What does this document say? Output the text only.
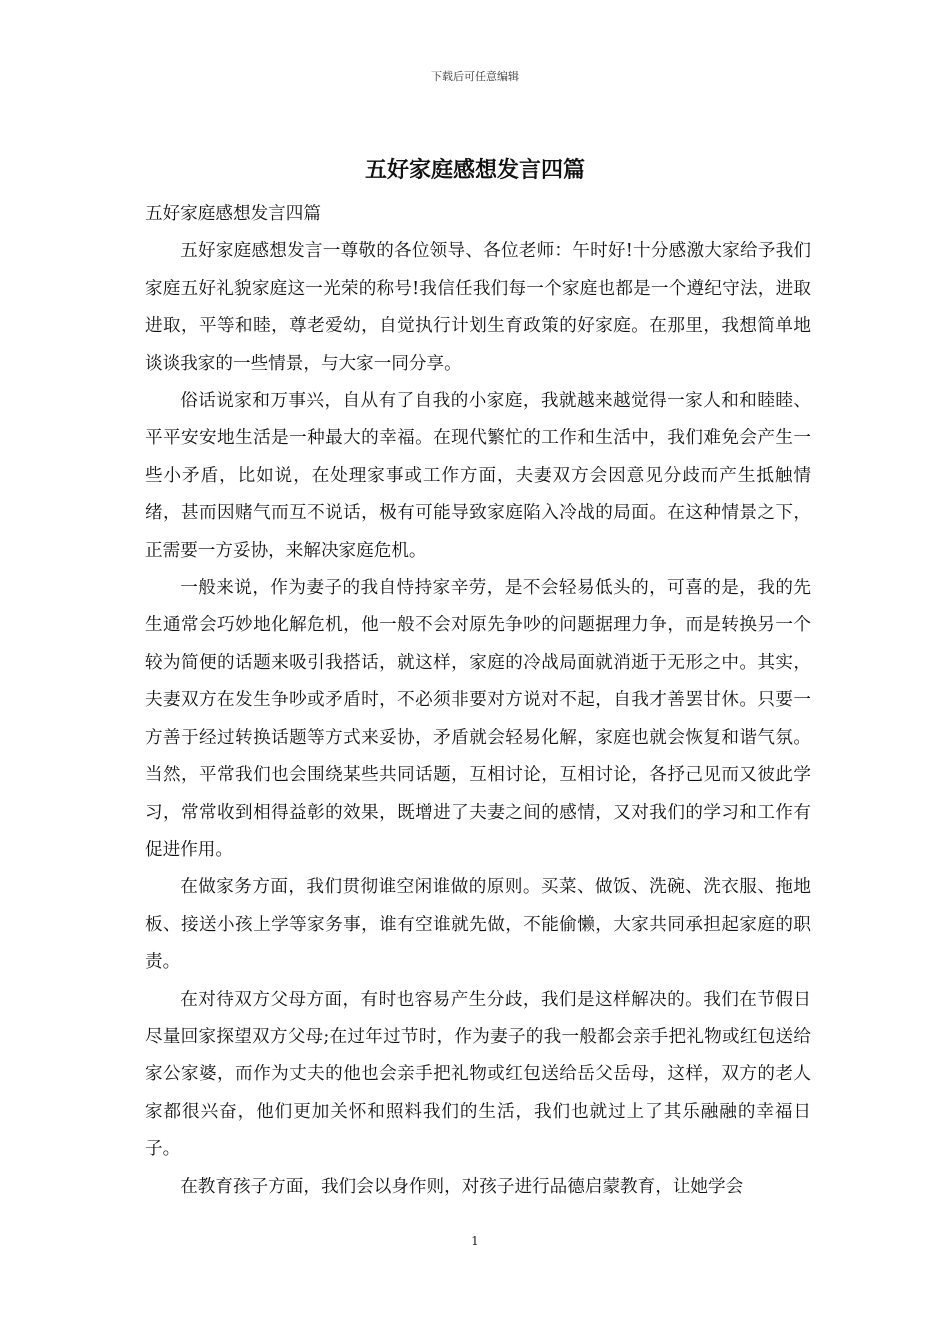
下载后可任意编辑
五好家庭感想发言四篇

五好家庭感想发言四篇

五好家庭感想发言一尊敬的各位领导、各位老师：午时好!十分感激大家给予我们家庭五好礼貌家庭这一光荣的称号!我信任我们每一个家庭也都是一个遵纪守法，进取进取，平等和睦，尊老爱幼，自觉执行计划生育政策的好家庭。在那里，我想简单地谈谈我家的一些情景，与大家一同分享。

俗话说家和万事兴，自从有了自我的小家庭，我就越来越觉得一家人和和睦睦、平平安安地生活是一种最大的幸福。在现代繁忙的工作和生活中，我们难免会产生一些小矛盾，比如说，在处理家事或工作方面，夫妻双方会因意见分歧而产生抵触情绪，甚而因赌气而互不说话，极有可能导致家庭陷入冷战的局面。在这种情景之下，正需要一方妥协，来解决家庭危机。

一般来说，作为妻子的我自恃持家辛劳，是不会轻易低头的，可喜的是，我的先生通常会巧妙地化解危机，他一般不会对原先争吵的问题据理力争，而是转换另一个较为简便的话题来吸引我搭话，就这样，家庭的冷战局面就消逝于无形之中。其实，夫妻双方在发生争吵或矛盾时，不必须非要对方说对不起，自我才善罢甘休。只要一方善于经过转换话题等方式来妥协，矛盾就会轻易化解，家庭也就会恢复和谐气氛。当然，平常我们也会围绕某些共同话题，互相讨论，互相讨论，各抒己见而又彼此学习，常常收到相得益彰的效果，既增进了夫妻之间的感情，又对我们的学习和工作有促进作用。

在做家务方面，我们贯彻谁空闲谁做的原则。买菜、做饭、洗碗、洗衣服、拖地板、接送小孩上学等家务事，谁有空谁就先做，不能偷懒，大家共同承担起家庭的职责。

在对待双方父母方面，有时也容易产生分歧，我们是这样解决的。我们在节假日尽量回家探望双方父母;在过年过节时，作为妻子的我一般都会亲手把礼物或红包送给家公家婆，而作为丈夫的他也会亲手把礼物或红包送给岳父岳母，这样，双方的老人家都很兴奋，他们更加关怀和照料我们的生活，我们也就过上了其乐融融的幸福日子。

在教育孩子方面，我们会以身作则，对孩子进行品德启蒙教育，让她学会

1
